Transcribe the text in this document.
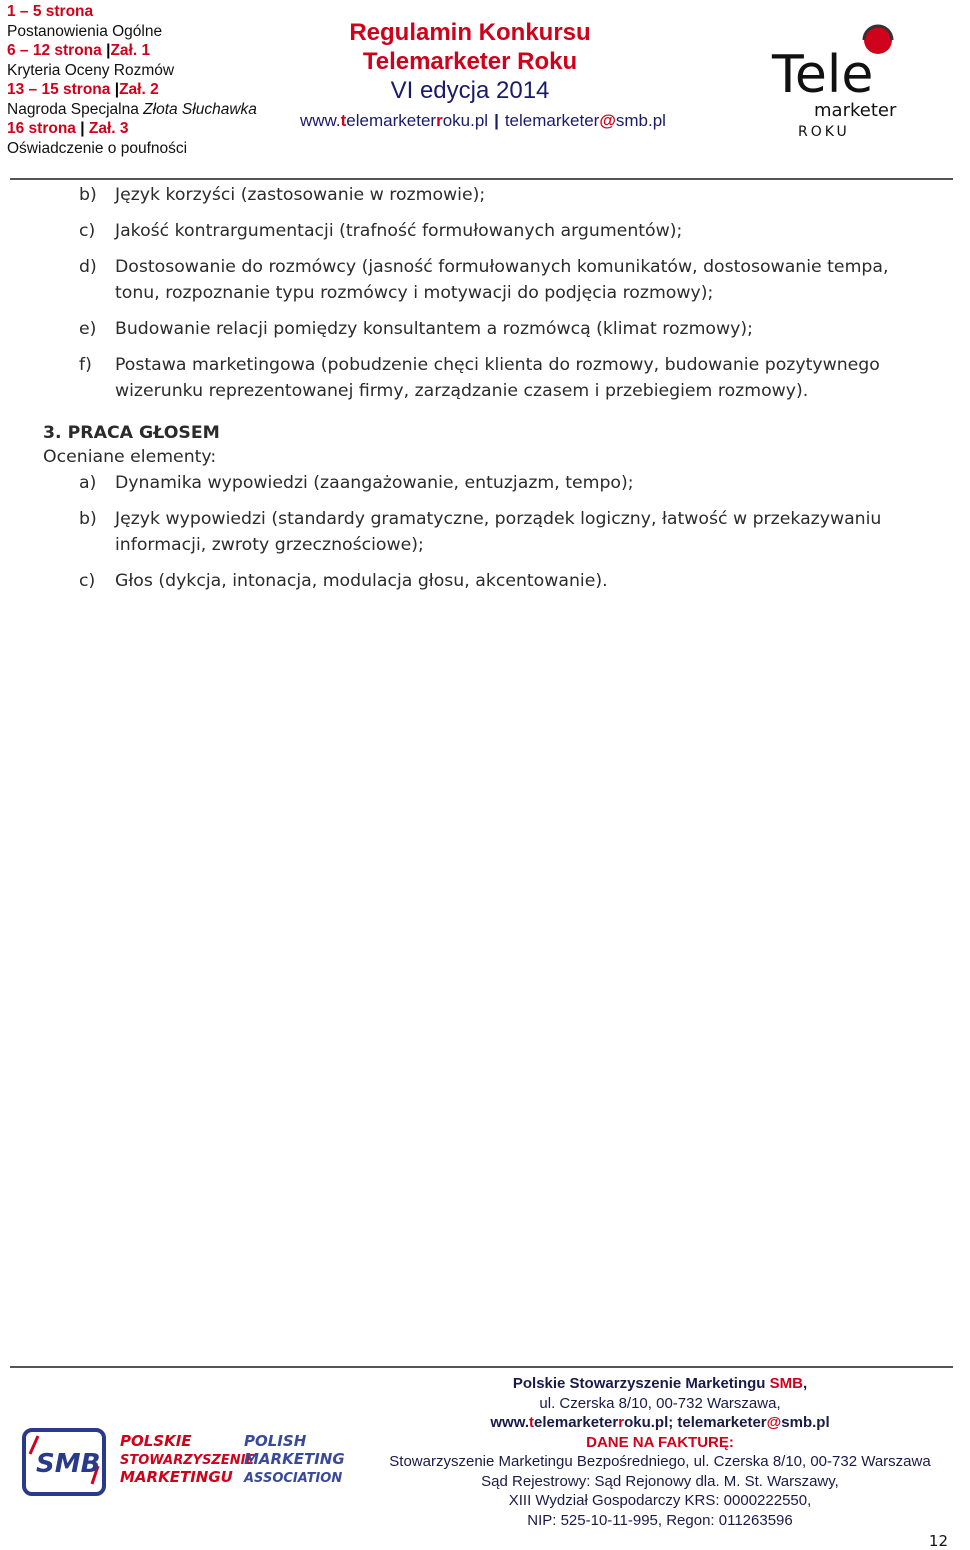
1 – 5 strona
Postanowienia Ogólne
6 – 12 strona |Zał. 1
Kryteria Oceny Rozmów
13 – 15 strona |Zał. 2
Nagroda Specjalna Złota Słuchawka
16 strona | Zał. 3
Oświadczenie o poufności
Regulamin Konkursu
Telemarketer Roku
VI edycja 2014
www.telemarketerroku.pl | telemarketer@smb.pl
Tele
marketer
ROKU
b)	Język korzyści (zastosowanie w rozmowie);
c)	Jakość kontrargumentacji (trafność formułowanych argumentów);
d)	Dostosowanie do rozmówcy (jasność formułowanych komunikatów, dostosowanie tempa, tonu, rozpoznanie typu rozmówcy i motywacji do podjęcia rozmowy);
e)	Budowanie relacji pomiędzy konsultantem a rozmówcą (klimat rozmowy);
f)	Postawa marketingowa (pobudzenie chęci klienta do rozmowy, budowanie pozytywnego wizerunku reprezentowanej firmy, zarządzanie czasem i przebiegiem rozmowy).
3. PRACA GŁOSEM
Oceniane elementy:
a)	Dynamika wypowiedzi (zaangażowanie, entuzjazm, tempo);
b)	Język wypowiedzi (standardy gramatyczne, porządek logiczny, łatwość w przekazywaniu informacji, zwroty grzecznościowe);
c)	Głos (dykcja, intonacja, modulacja głosu, akcentowanie).
SMB
POLSKIE
STOWARZYSZENIE
MARKETINGU
POLISH
MARKETING
ASSOCIATION
Polskie Stowarzyszenie Marketingu SMB,
ul. Czerska 8/10, 00-732 Warszawa,
www.telemarketerroku.pl; telemarketer@smb.pl
DANE NA FAKTURĘ:
Stowarzyszenie Marketingu Bezpośredniego, ul. Czerska 8/10, 00-732 Warszawa
Sąd Rejestrowy: Sąd Rejonowy dla. M. St. Warszawy,
XIII Wydział Gospodarczy KRS: 0000222550,
NIP: 525-10-11-995, Regon: 011263596
12
